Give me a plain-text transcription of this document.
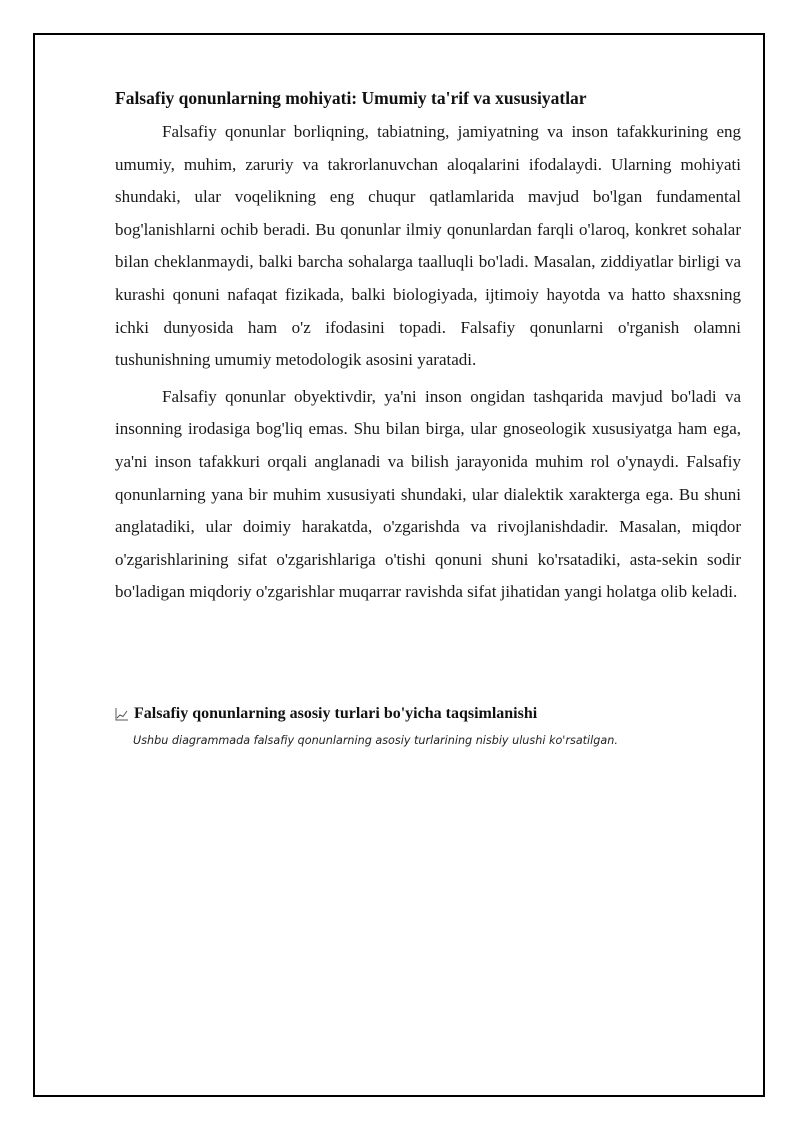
Falsafiy qonunlarning mohiyati: Umumiy ta'rif va xususiyatlar

Falsafiy qonunlar borliqning, tabiatning, jamiyatning va inson tafakkurining eng umumiy, muhim, zaruriy va takrorlanuvchan aloqalarini ifodalaydi. Ularning mohiyati shundaki, ular voqelikning eng chuqur qatlamlarida mavjud bo'lgan fundamental bog'lanishlarni ochib beradi. Bu qonunlar ilmiy qonunlardan farqli o'laroq, konkret sohalar bilan cheklanmaydi, balki barcha sohalarga taalluqli bo'ladi. Masalan, ziddiyatlar birligi va kurashi qonuni nafaqat fizikada, balki biologiyada, ijtimoiy hayotda va hatto shaxsning ichki dunyosida ham o'z ifodasini topadi. Falsafiy qonunlarni o'rganish olamni tushunishning umumiy metodologik asosini yaratadi.

Falsafiy qonunlar obyektivdir, ya'ni inson ongidan tashqarida mavjud bo'ladi va insonning irodasiga bog'liq emas. Shu bilan birga, ular gnoseologik xususiyatga ham ega, ya'ni inson tafakkuri orqali anglanadi va bilish jarayonida muhim rol o'ynaydi. Falsafiy qonunlarning yana bir muhim xususiyati shundaki, ular dialektik xarakterga ega. Bu shuni anglatadiki, ular doimiy harakatda, o'zgarishda va rivojlanishdadir. Masalan, miqdor o'zgarishlarining sifat o'zgarishlariga o'tishi qonuni shuni ko'rsatadiki, asta-sekin sodir bo'ladigan miqdoriy o'zgarishlar muqarrar ravishda sifat jihatidan yangi holatga olib keladi.

Falsafiy qonunlarning asosiy turlari bo'yicha taqsimlanishi
Ushbu diagrammada falsafiy qonunlarning asosiy turlarining nisbiy ulushi ko'rsatilgan.
